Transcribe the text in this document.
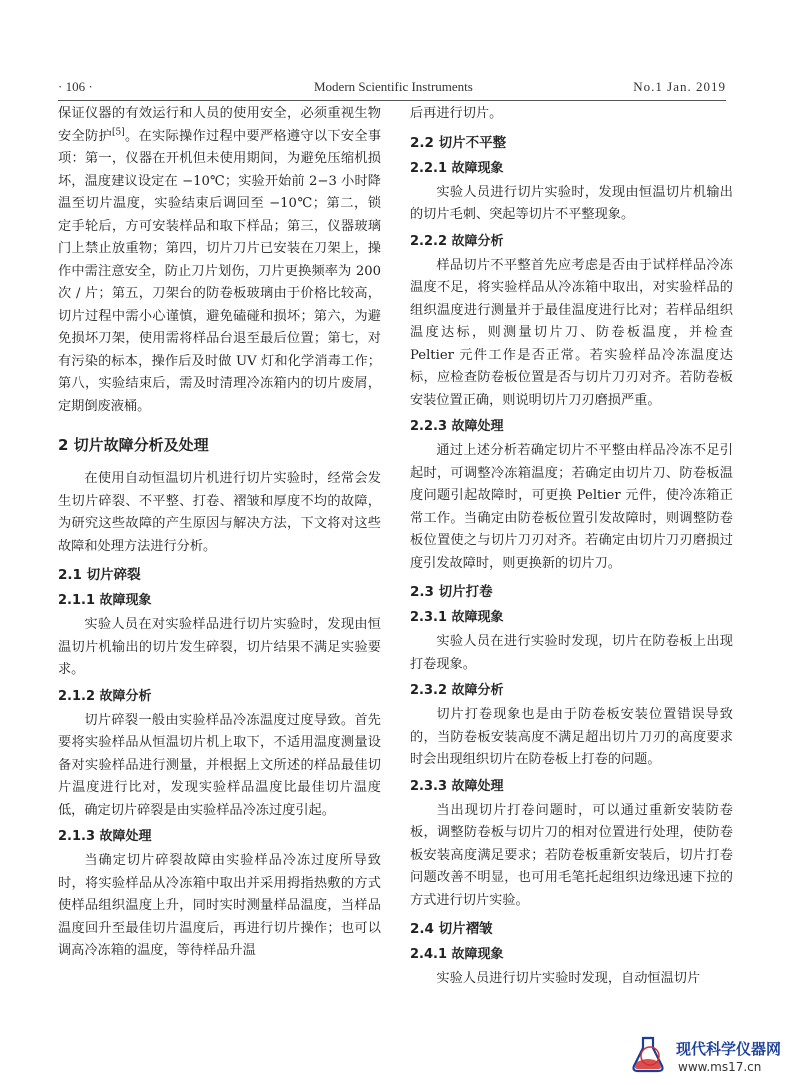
· 106 ·	Modern Scientific Instruments	No.1 Jan. 2019

保证仪器的有效运行和人员的使用安全，必须重视生物安全防护[5]。在实际操作过程中要严格遵守以下安全事项：第一，仪器在开机但未使用期间，为避免压缩机损坏，温度建议设定在 −10℃；实验开始前 2−3 小时降温至切片温度，实验结束后调回至 −10℃；第二，锁定手轮后，方可安装样品和取下样品；第三，仪器玻璃门上禁止放重物；第四，切片刀片已安装在刀架上，操作中需注意安全，防止刀片划伤，刀片更换频率为 200 次 / 片；第五，刀架台的防卷板玻璃由于价格比较高，切片过程中需小心谨慎，避免磕碰和损坏；第六，为避免损坏刀架，使用需将样品台退至最后位置；第七，对有污染的标本，操作后及时做 UV 灯和化学消毒工作；第八，实验结束后，需及时清理冷冻箱内的切片废屑，定期倒废液桶。

2 切片故障分析及处理

在使用自动恒温切片机进行切片实验时，经常会发生切片碎裂、不平整、打卷、褶皱和厚度不均的故障，为研究这些故障的产生原因与解决方法，下文将对这些故障和处理方法进行分析。

2.1 切片碎裂
2.1.1 故障现象

实验人员在对实验样品进行切片实验时，发现由恒温切片机输出的切片发生碎裂，切片结果不满足实验要求。

2.1.2 故障分析

切片碎裂一般由实验样品冷冻温度过度导致。首先要将实验样品从恒温切片机上取下，不适用温度测量设备对实验样品进行测量，并根据上文所述的样品最佳切片温度进行比对，发现实验样品温度比最佳切片温度低，确定切片碎裂是由实验样品冷冻过度引起。

2.1.3 故障处理

当确定切片碎裂故障由实验样品冷冻过度所导致时，将实验样品从冷冻箱中取出并采用拇指热敷的方式使样品组织温度上升，同时实时测量样品温度，当样品温度回升至最佳切片温度后，再进行切片操作；也可以调高冷冻箱的温度，等待样品升温

后再进行切片。

2.2 切片不平整
2.2.1 故障现象

实验人员进行切片实验时，发现由恒温切片机输出的切片毛刺、突起等切片不平整现象。

2.2.2 故障分析

样品切片不平整首先应考虑是否由于试样样品冷冻温度不足，将实验样品从冷冻箱中取出，对实验样品的组织温度进行测量并于最佳温度进行比对；若样品组织温度达标，则测量切片刀、防卷板温度，并检查 Peltier 元件工作是否正常。若实验样品冷冻温度达标，应检查防卷板位置是否与切片刀刃对齐。若防卷板安装位置正确，则说明切片刀刃磨损严重。

2.2.3 故障处理

通过上述分析若确定切片不平整由样品冷冻不足引起时，可调整冷冻箱温度；若确定由切片刀、防卷板温度问题引起故障时，可更换 Peltier 元件，使冷冻箱正常工作。当确定由防卷板位置引发故障时，则调整防卷板位置使之与切片刀刃对齐。若确定由切片刀刃磨损过度引发故障时，则更换新的切片刀。

2.3 切片打卷
2.3.1 故障现象

实验人员在进行实验时发现，切片在防卷板上出现打卷现象。

2.3.2 故障分析

切片打卷现象也是由于防卷板安装位置错误导致的，当防卷板安装高度不满足超出切片刀刃的高度要求时会出现组织切片在防卷板上打卷的问题。

2.3.3 故障处理

当出现切片打卷问题时，可以通过重新安装防卷板，调整防卷板与切片刀的相对位置进行处理，使防卷板安装高度满足要求；若防卷板重新安装后，切片打卷问题改善不明显，也可用毛笔托起组织边缘迅速下拉的方式进行切片实验。

2.4 切片褶皱
2.4.1 故障现象

实验人员进行切片实验时发现，自动恒温切片

现代科学仪器网
www.ms17.cn
